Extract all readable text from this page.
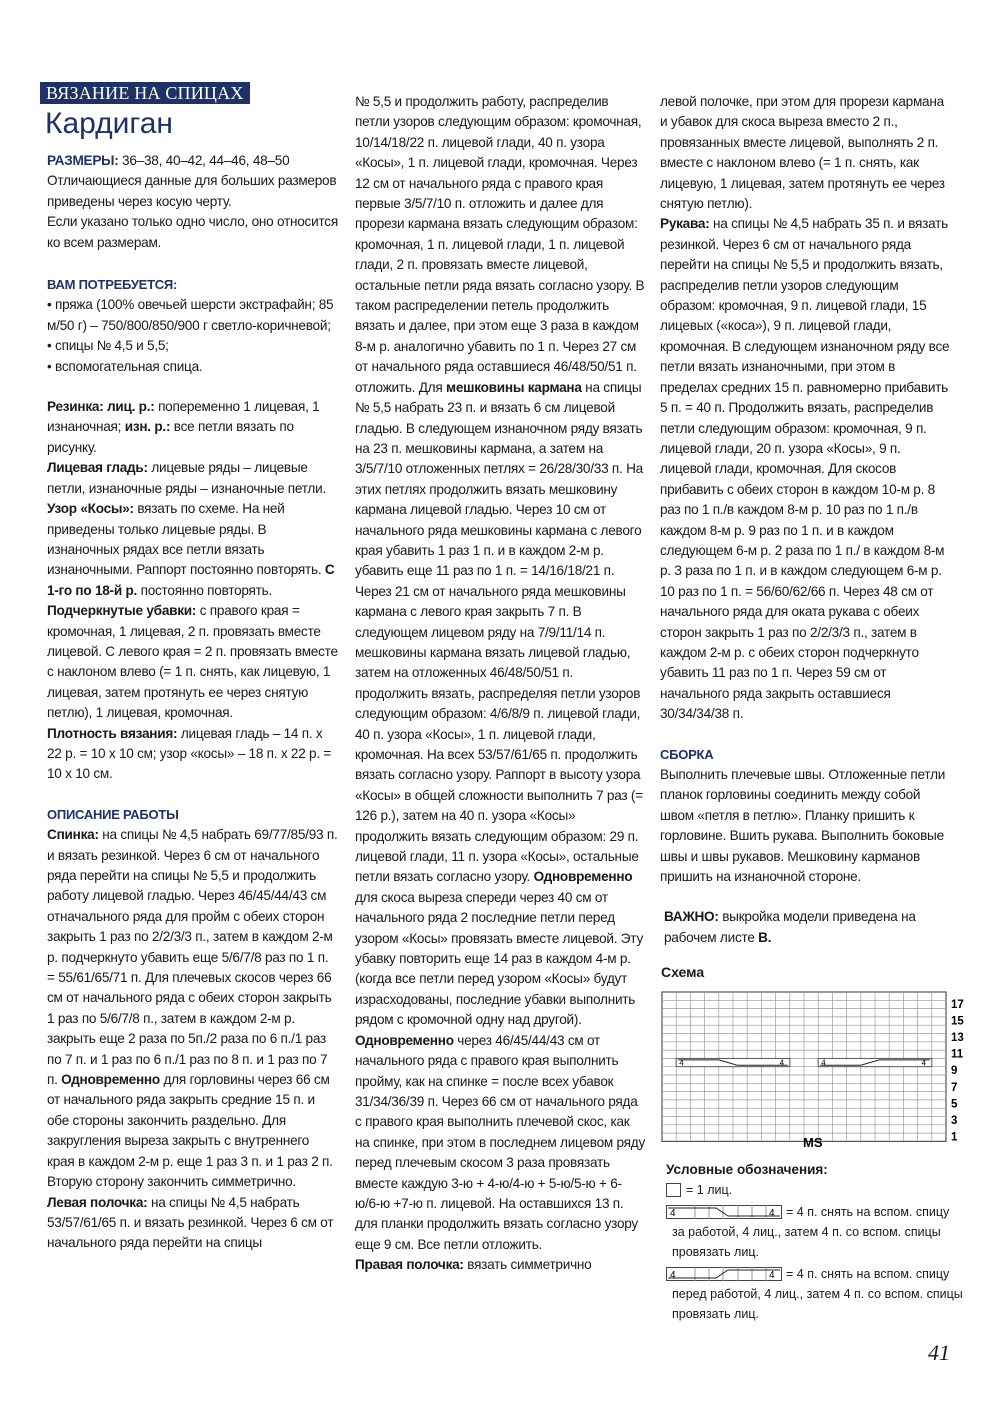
ВЯЗАНИЕ НА СПИЦАХ
Кардиган

РАЗМЕРЫ: 36–38, 40–42, 44–46, 48–50

Отличающиеся данные для больших размеров приведены через косую черту.

Если указано только одно число, оно относится ко всем размерам.

ВАМ ПОТРЕБУЕТСЯ:

• пряжа (100% овечьей шерсти экстрафайн; 85 м/50 г) – 750/800/850/900 г светло-коричневой;

• спицы № 4,5 и 5,5;

• вспомогательная спица.

Резинка: лиц. р.: попеременно 1 лицевая, 1 изнаночная; изн. р.: все петли вязать по рисунку.

Лицевая гладь: лицевые ряды – лицевые петли, изнаночные ряды – изнаночные петли.

Узор «Косы»: вязать по схеме. На ней приведены только лицевые ряды. В изнаночных рядах все петли вязать изнаночными. Раппорт постоянно повторять. С 1-го по 18-й р. постоянно повторять.

Подчеркнутые убавки: с правого края = кромочная, 1 лицевая, 2 п. провязать вместе лицевой. С левого края = 2 п. провязать вместе с наклоном влево (= 1 п. снять, как лицевую, 1 лицевая, затем протянуть ее через снятую петлю), 1 лицевая, кромочная.

Плотность вязания: лицевая гладь – 14 п. х 22 р. = 10 х 10 см; узор «косы» – 18 п. х 22 р. = 10 х 10 см.

ОПИСАНИЕ РАБОТЫ

Спинка: на спицы № 4,5 набрать 69/77/85/93 п. и вязать резинкой. Через 6 см от начального ряда перейти на спицы № 5,5 и продолжить работу лицевой гладью. Через 46/45/44/43 см отначального ряда для пройм с обеих сторон закрыть 1 раз по 2/2/3/3 п., затем в каждом 2-м р. подчеркнуто убавить еще 5/6/7/8 раз по 1 п. = 55/61/65/71 п. Для плечевых скосов через 66 см от начального ряда с обеих сторон закрыть 1 раз по 5/6/7/8 п., затем в каждом 2-м р. закрыть еще 2 раза по 5п./2 раза по 6 п./1 раз по 7 п. и 1 раз по 6 п./1 раз по 8 п. и 1 раз по 7 п. Одновременно для горловины через 66 см от начального ряда закрыть средние 15 п. и обе стороны закончить раздельно. Для закругления выреза закрыть с внутреннего края в каждом 2-м р. еще 1 раз 3 п. и 1 раз 2 п. Вторую сторону закончить симметрично.

Левая полочка: на спицы № 4,5 набрать 53/57/61/65 п. и вязать резинкой. Через 6 см от начального ряда перейти на спицы

№ 5,5 и продолжить работу, распределив петли узоров следующим образом: кромочная, 10/14/18/22 п. лицевой глади, 40 п. узора «Косы», 1 п. лицевой глади, кромочная. Через 12 см от начального ряда с правого края первые 3/5/7/10 п. отложить и далее для прорези кармана вязать следующим образом: кромочная, 1 п. лицевой глади, 1 п. лицевой глади, 2 п. провязать вместе лицевой, остальные петли ряда вязать согласно узору. В таком распределении петель продолжить вязать и далее, при этом еще 3 раза в каждом 8-м р. аналогично убавить по 1 п. Через 27 см от начального ряда оставшиеся 46/48/50/51 п. отложить. Для мешковины кармана на спицы № 5,5 набрать 23 п. и вязать 6 см лицевой гладью. В следующем изнаночном ряду вязать на 23 п. мешковины кармана, а затем на 3/5/7/10 отложенных петлях = 26/28/30/33 п. На этих петлях продолжить вязать мешковину кармана лицевой гладью. Через 10 см от начального ряда мешковины кармана с левого края убавить 1 раз 1 п. и в каждом 2-м р. убавить еще 11 раз по 1 п. = 14/16/18/21 п. Через 21 см от начального ряда мешковины кармана с левого края закрыть 7 п. В следующем лицевом ряду на 7/9/11/14 п. мешковины кармана вязать лицевой гладью, затем на отложенных 46/48/50/51 п. продолжить вязать, распределяя петли узоров следующим образом: 4/6/8/9 п. лицевой глади, 40 п. узора «Косы», 1 п. лицевой глади, кромочная. На всех 53/57/61/65 п. продолжить вязать согласно узору. Раппорт в высоту узора «Косы» в общей сложности выполнить 7 раз (= 126 р.), затем на 40 п. узора «Косы» продолжить вязать следующим образом: 29 п. лицевой глади, 11 п. узора «Косы», остальные петли вязать согласно узору. Одновременно для скоса выреза спереди через 40 см от начального ряда 2 последние петли перед узором «Косы» провязать вместе лицевой. Эту убавку повторить еще 14 раз в каждом 4-м р. (когда все петли перед узором «Косы» будут израсходованы, последние убавки выполнить рядом с кромочной одну над другой). Одновременно через 46/45/44/43 см от начального ряда с правого края выполнить пройму, как на спинке = после всех убавок 31/34/36/39 п. Через 66 см от начального ряда с правого края выполнить плечевой скос, как на спинке, при этом в последнем лицевом ряду перед плечевым скосом 3 раза провязать вместе каждую 3-ю + 4-ю/4-ю + 5-ю/5-ю + 6-ю/6-ю +7-ю п. лицевой. На оставшихся 13 п. для планки продолжить вязать согласно узору еще 9 см. Все петли отложить.

Правая полочка: вязать симметрично

левой полочке, при этом для прорези кармана и убавок для скоса выреза вместо 2 п., провязанных вместе лицевой, выполнять 2 п. вместе с наклоном влево (= 1 п. снять, как лицевую, 1 лицевая, затем протянуть ее через снятую петлю).

Рукава: на спицы № 4,5 набрать 35 п. и вязать резинкой. Через 6 см от начального ряда перейти на спицы № 5,5 и продолжить вязать, распределив петли узоров следующим образом: кромочная, 9 п. лицевой глади, 15 лицевых («коса»), 9 п. лицевой глади, кромочная. В следующем изнаночном ряду все петли вязать изнаночными, при этом в пределах средних 15 п. равномерно прибавить 5 п. = 40 п. Продолжить вязать, распределив петли следующим образом: кромочная, 9 п. лицевой глади, 20 п. узора «Косы», 9 п. лицевой глади, кромочная. Для скосов прибавить с обеих сторон в каждом 10-м р. 8 раз по 1 п./в каждом 8-м р. 10 раз по 1 п./в каждом 8-м р. 9 раз по 1 п. и в каждом следующем 6-м р. 2 раза по 1 п./ в каждом 8-м р. 3 раза по 1 п. и в каждом следующем 6-м р. 10 раз по 1 п. = 56/60/62/66 п. Через 48 см от начального ряда для оката рукава с обеих сторон закрыть 1 раз по 2/2/3/3 п., затем в каждом 2-м р. с обеих сторон подчеркнуто убавить 11 раз по 1 п. Через 59 см от начального ряда закрыть оставшиеся 30/34/34/38 п.

СБОРКА

Выполнить плечевые швы. Отложенные петли планок горловины соединить между собой швом «петля в петлю». Планку пришить к горловине. Вшить рукава. Выполнить боковые швы и швы рукавов. Мешковину карманов пришить на изнаночной стороне.

ВАЖНО: выкройка модели приведена на рабочем листе В.

Схема
4	4	4	4
17
15
13
11
9
7
5
3
1
MS
Условные обозначения:
= 1 лиц.
4	4 = 4 п. снять на вспом. спицу
за работой, 4 лиц., затем 4 п. со вспом. спицы провязать лиц.
4	4 = 4 п. снять на вспом. спицу
перед работой, 4 лиц., затем 4 п. со вспом. спицы провязать лиц.
41
